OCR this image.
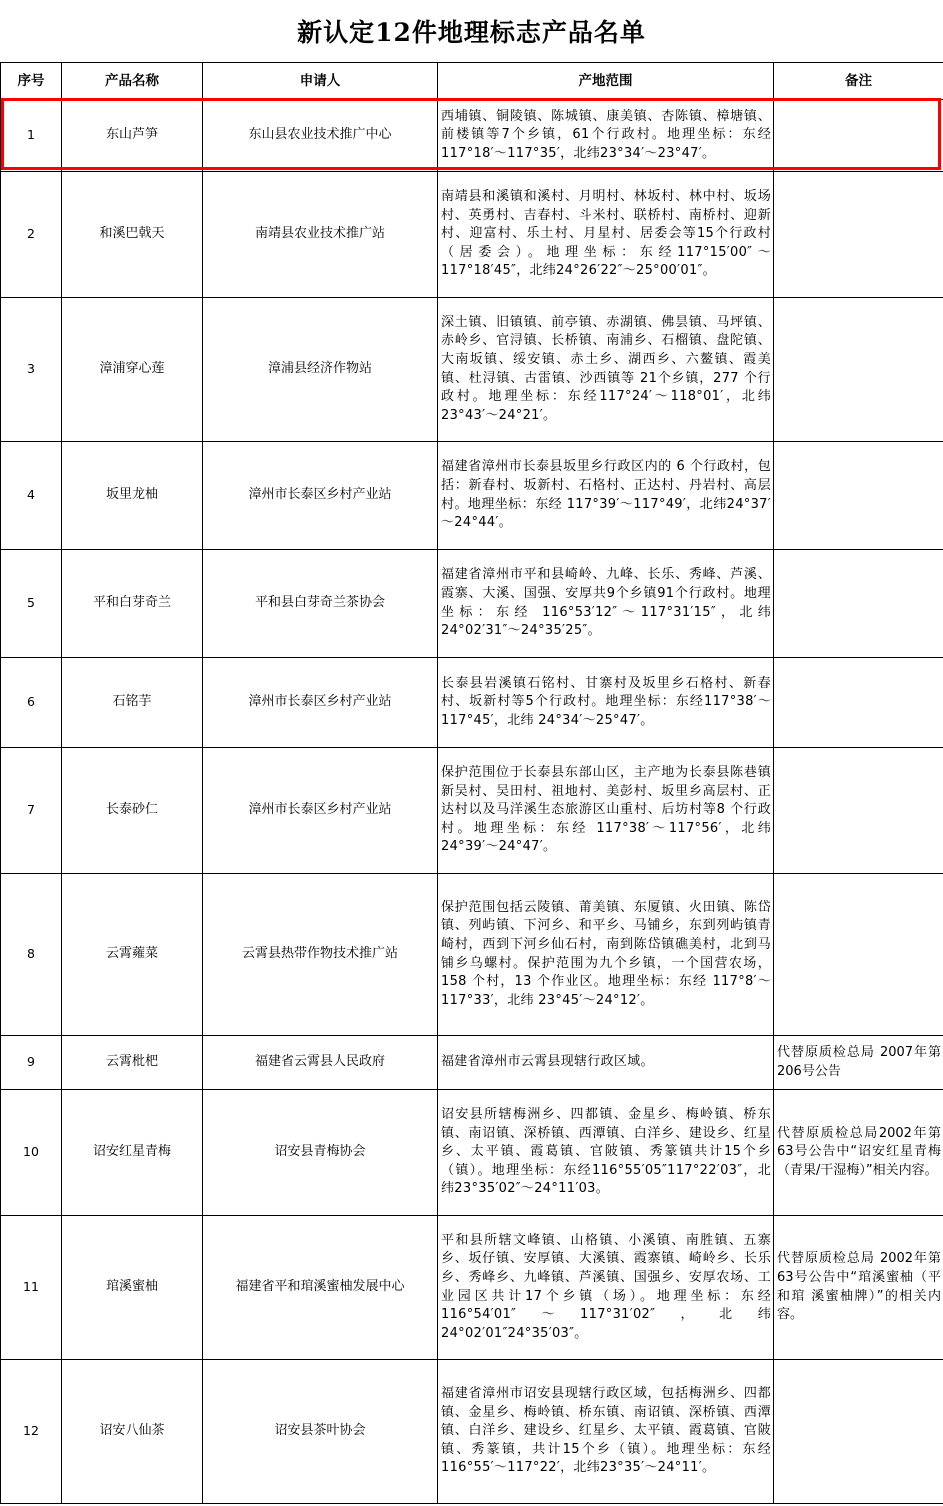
新认定12件地理标志产品名单
序号	产品名称	申请人	产地范围	备注
1	东山芦笋	东山县农业技术推广中心	西埔镇、铜陵镇、陈城镇、康美镇、杏陈镇、樟塘镇、前楼镇等7个乡镇，61个行政村。地理坐标：东经 117°18′～117°35′，北纬23°34′～23°47′。	
2	和溪巴戟天	南靖县农业技术推广站	南靖县和溪镇和溪村、月明村、林坂村、林中村、坂场村、英勇村、吉春村、斗米村、联桥村、南桥村、迎新村、迎富村、乐土村、月星村、居委会等15个行政村（居委会）。地理坐标：东经117°15′00″～117°18′45″，北纬24°26′22″～25°00′01″。	
3	漳浦穿心莲	漳浦县经济作物站	深土镇、旧镇镇、前亭镇、赤湖镇、佛昙镇、马坪镇、赤岭乡、官浔镇、长桥镇、南浦乡、石榴镇、盘陀镇、大南坂镇、绥安镇、赤土乡、湖西乡、六鳌镇、霞美镇、杜浔镇、古雷镇、沙西镇等 21个乡镇，277 个行政村。地理坐标：东经117°24′～118°01′，北纬 23°43′～24°21′。	
4	坂里龙柚	漳州市长泰区乡村产业站	福建省漳州市长泰县坂里乡行政区内的 6 个行政村，包括：新春村、坂新村、石格村、正达村、丹岩村、高层村。地理坐标：东经 117°39′～117°49′，北纬24°37′～24°44′。	
5	平和白芽奇兰	平和县白芽奇兰茶协会	福建省漳州市平和县崎岭、九峰、长乐、秀峰、芦溪、霞寨、大溪、国强、安厚共9个乡镇91个行政村。地理坐标：东经 116°53′12″～117°31′15″，北纬24°02′31″～24°35′25″。	
6	石铭芋	漳州市长泰区乡村产业站	长泰县岩溪镇石铭村、甘寨村及坂里乡石格村、新春村、坂新村等5个行政村。地理坐标：东经117°38′～117°45′，北纬 24°34′～25°47′。	
7	长泰砂仁	漳州市长泰区乡村产业站	保护范围位于长泰县东部山区，主产地为长泰县陈巷镇新吴村、吴田村、祖地村、美彭村、坂里乡高层村、正达村以及马洋溪生态旅游区山重村、后坊村等8 个行政村。地理坐标：东经 117°38′～117°56′，北纬 24°39′～24°47′。	
8	云霄蕹菜	云霄县热带作物技术推广站	保护范围包括云陵镇、莆美镇、东厦镇、火田镇、陈岱镇、列屿镇、下河乡、和平乡、马铺乡，东到列屿镇青崎村，西到下河乡仙石村，南到陈岱镇礁美村，北到马铺乡乌螺村。保护范围为九个乡镇，一个国营农场，158 个村，13 个作业区。地理坐标：东经 117°8′～117°33′，北纬 23°45′～24°12′。	
9	云霄枇杷	福建省云霄县人民政府	福建省漳州市云霄县现辖行政区域。	代替原质检总局 2007年第206号公告
10	诏安红星青梅	诏安县青梅协会	诏安县所辖梅洲乡、四都镇、金星乡、梅岭镇、桥东镇、南诏镇、深桥镇、西潭镇、白洋乡、建设乡、红星乡、太平镇、霞葛镇、官陂镇、秀篆镇共计15个乡（镇）。地理坐标：东经116°55′05″117°22′03″，北纬23°35′02″～24°11′03。	代替原质检总局2002年第63号公告中“诏安红星青梅（青果/干湿梅）”相关内容。
11	琯溪蜜柚	福建省平和琯溪蜜柚发展中心	平和县所辖文峰镇、山格镇、小溪镇、南胜镇、五寨乡、坂仔镇、安厚镇、大溪镇、霞寨镇、崎岭乡、长乐乡、秀峰乡、九峰镇、芦溪镇、国强乡、安厚农场、工业园区共计17个乡镇（场）。地理坐标：东经116°54′01″～117°31′02″，北纬24°02′01″24°35′03″。	代替原质检总局 2002年第63号公告中“琯溪蜜柚（平和琯 溪蜜柚牌）”的相关内容。
12	诏安八仙茶	诏安县茶叶协会	福建省漳州市诏安县现辖行政区域，包括梅洲乡、四都镇、金星乡、梅岭镇、桥东镇、南诏镇、深桥镇、西潭镇、白洋乡、建设乡、红星乡、太平镇、霞葛镇、官陂镇、秀篆镇，共计15个乡（镇）。地理坐标：东经 116°55′～117°22′，北纬23°35′～24°11′。	
